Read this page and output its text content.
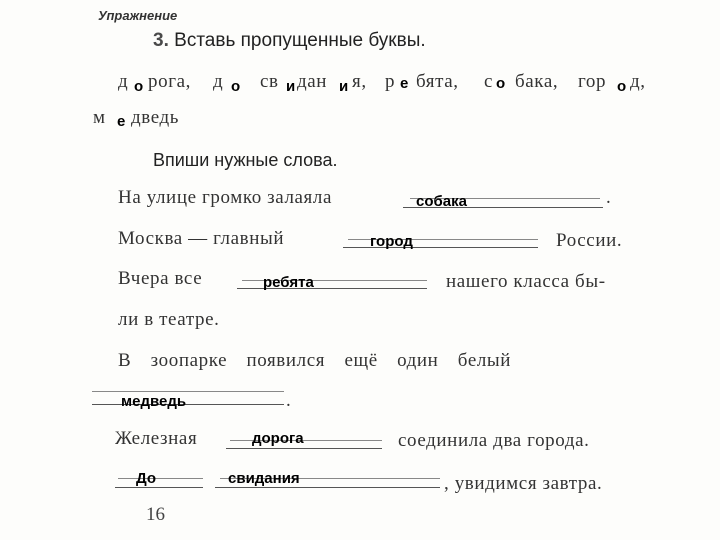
Упражнение
3. Вставь пропущенные буквы.
д рога,
о	д о св и дан и я, р е бята, с о бака, гор о д,
м е дведь
Впиши нужные слова.
На улице громко залаяла	собака	.
Москва — главный	город	России.
Вчера все	ребята	нашего класса бы-
ли в театре.
В зоопарке появился ещё один белый
медведь	.
Железная	дорога	соединила два города.
До	свидания	, увидимся завтра.
16
